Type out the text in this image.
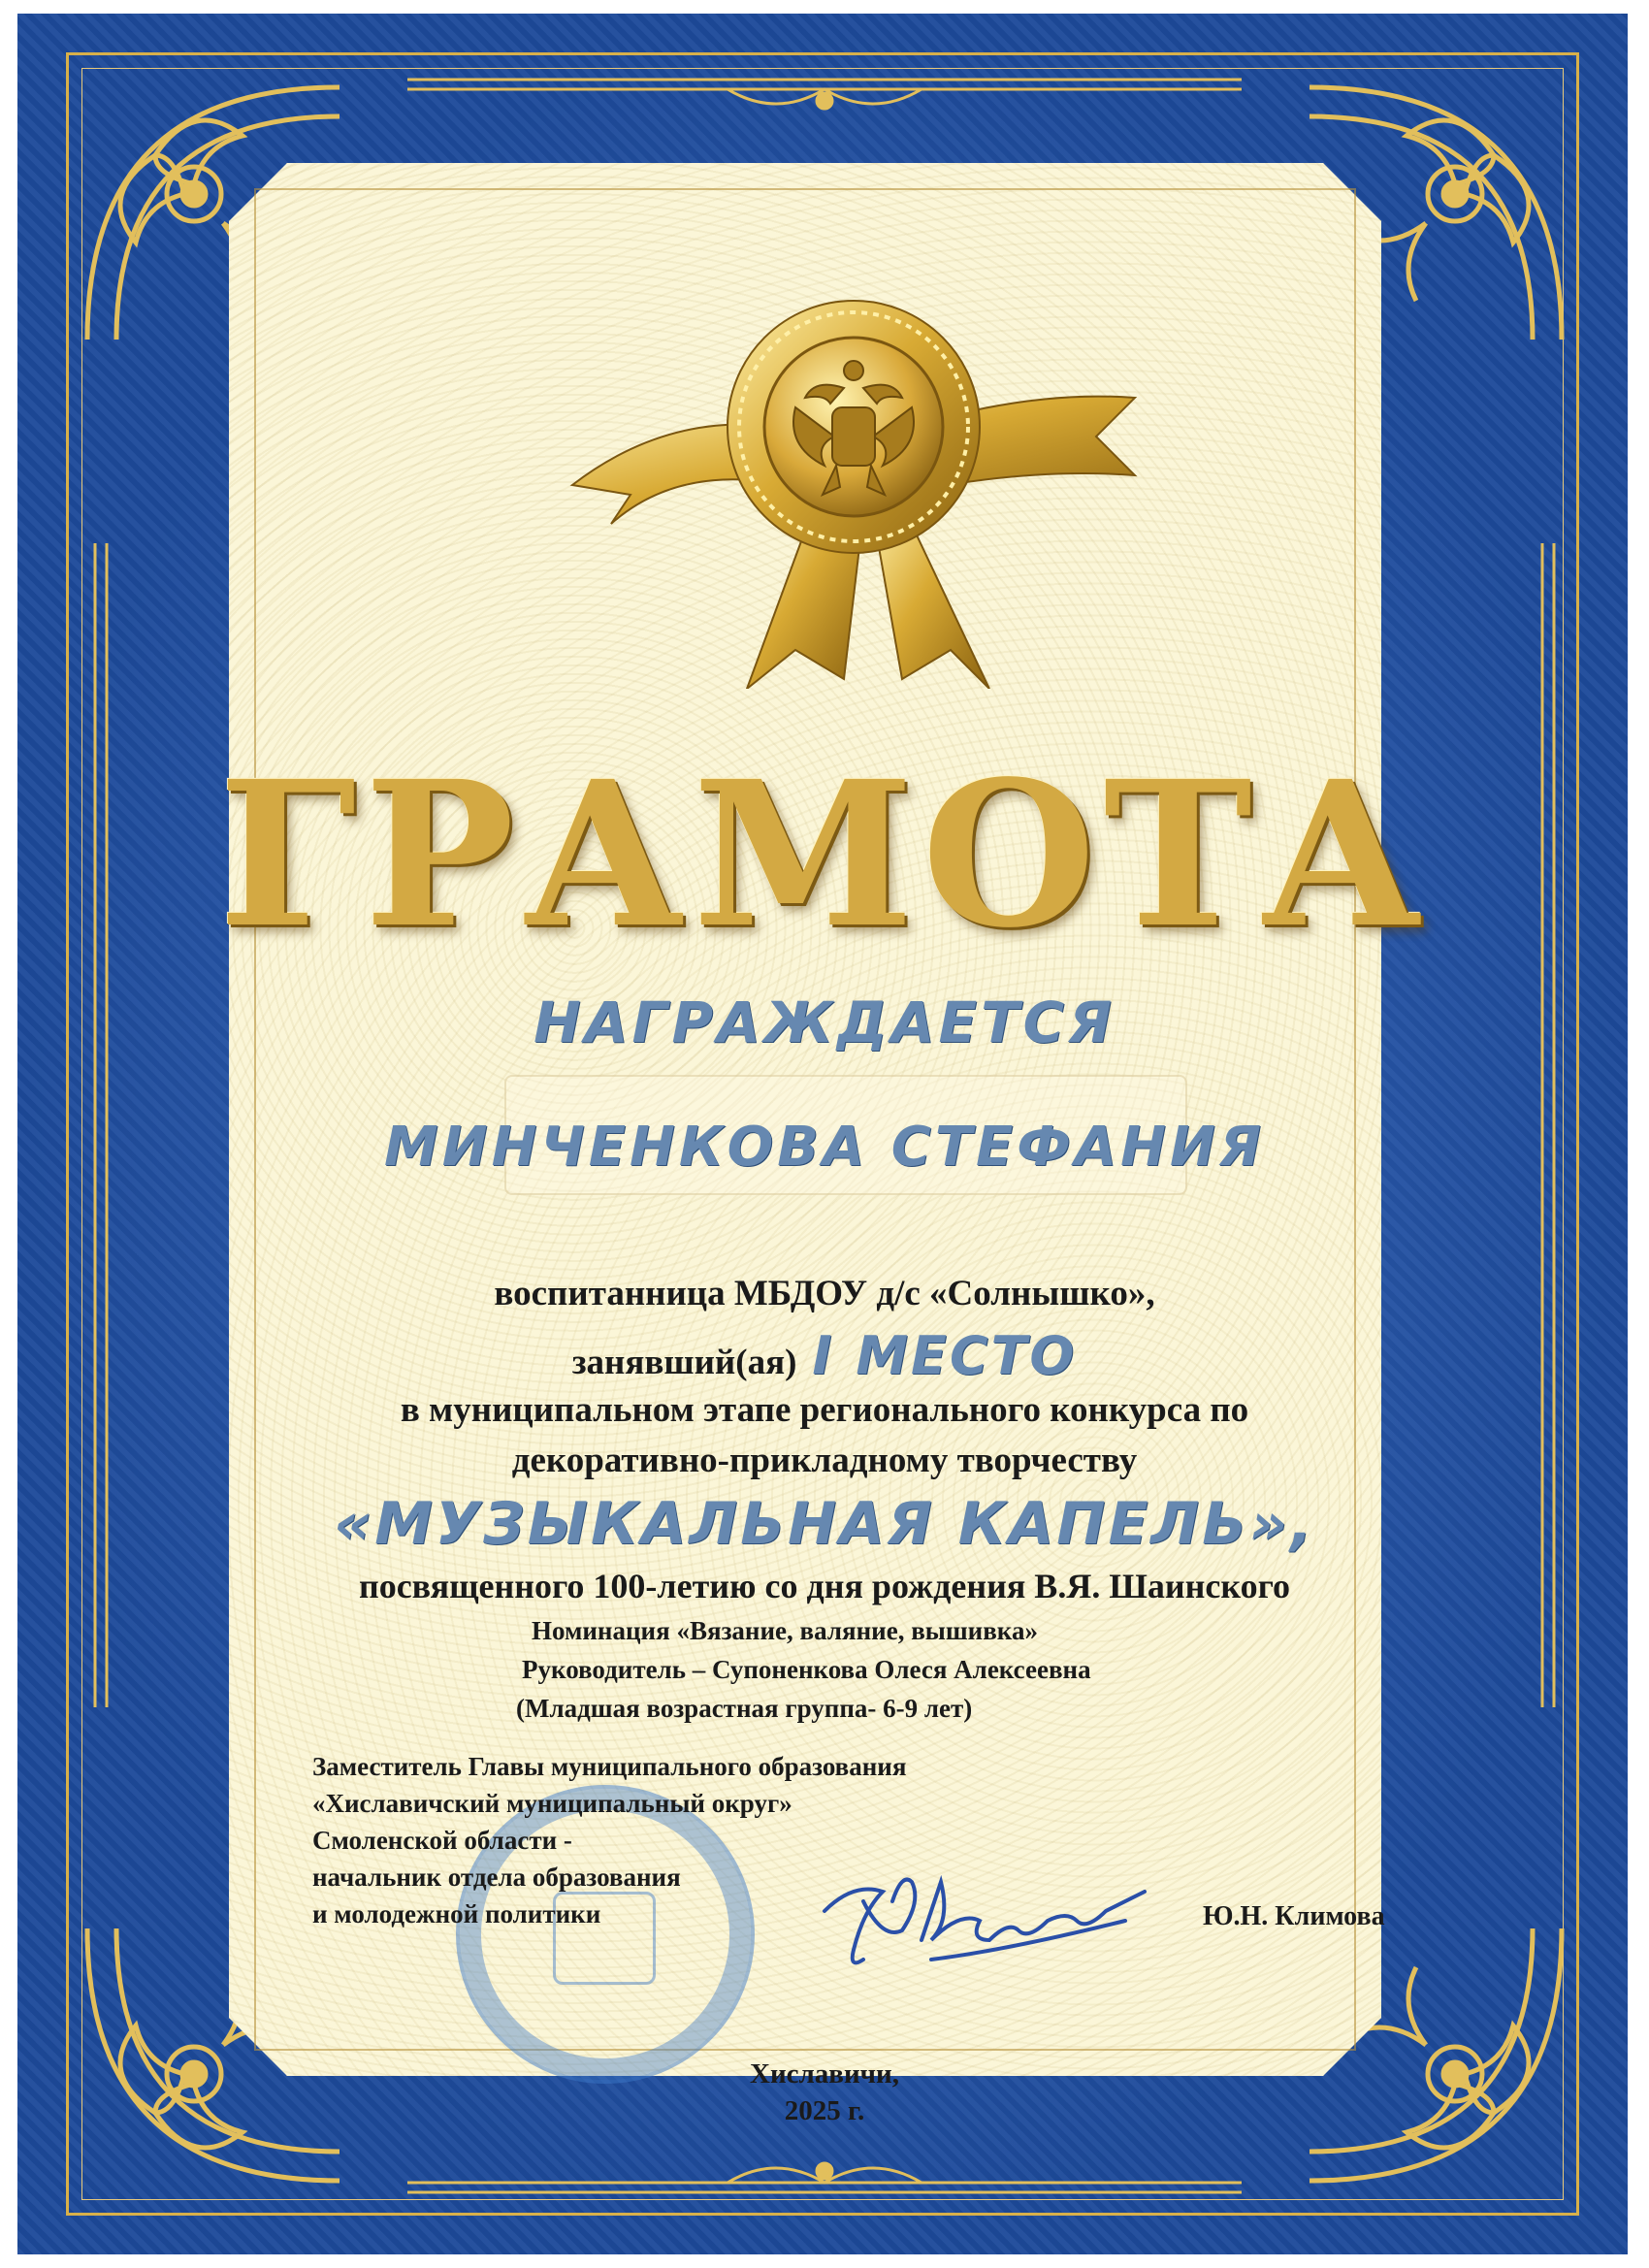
ГРАМОТА
НАГРАЖДАЕТСЯ
МИНЧЕНКОВА СТЕФАНИЯ
воспитанница МБДОУ д/с «Солнышко»,
занявший(ая) I МЕСТО
в муниципальном этапе регионального конкурса по
декоративно-прикладному творчеству
«МУЗЫКАЛЬНАЯ КАПЕЛЬ»,
посвященного 100-летию со дня рождения В.Я. Шаинского
Номинация «Вязание, валяние, вышивка»
Руководитель – Супоненкова Олеся Алексеевна
(Младшая возрастная группа- 6-9 лет)
Заместитель Главы муниципального образования
«Хиславичский муниципальный округ»
Смоленской области -
начальник отдела образования
и молодежной политики	Ю.Н. Климова
Хиславичи,
2025 г.
